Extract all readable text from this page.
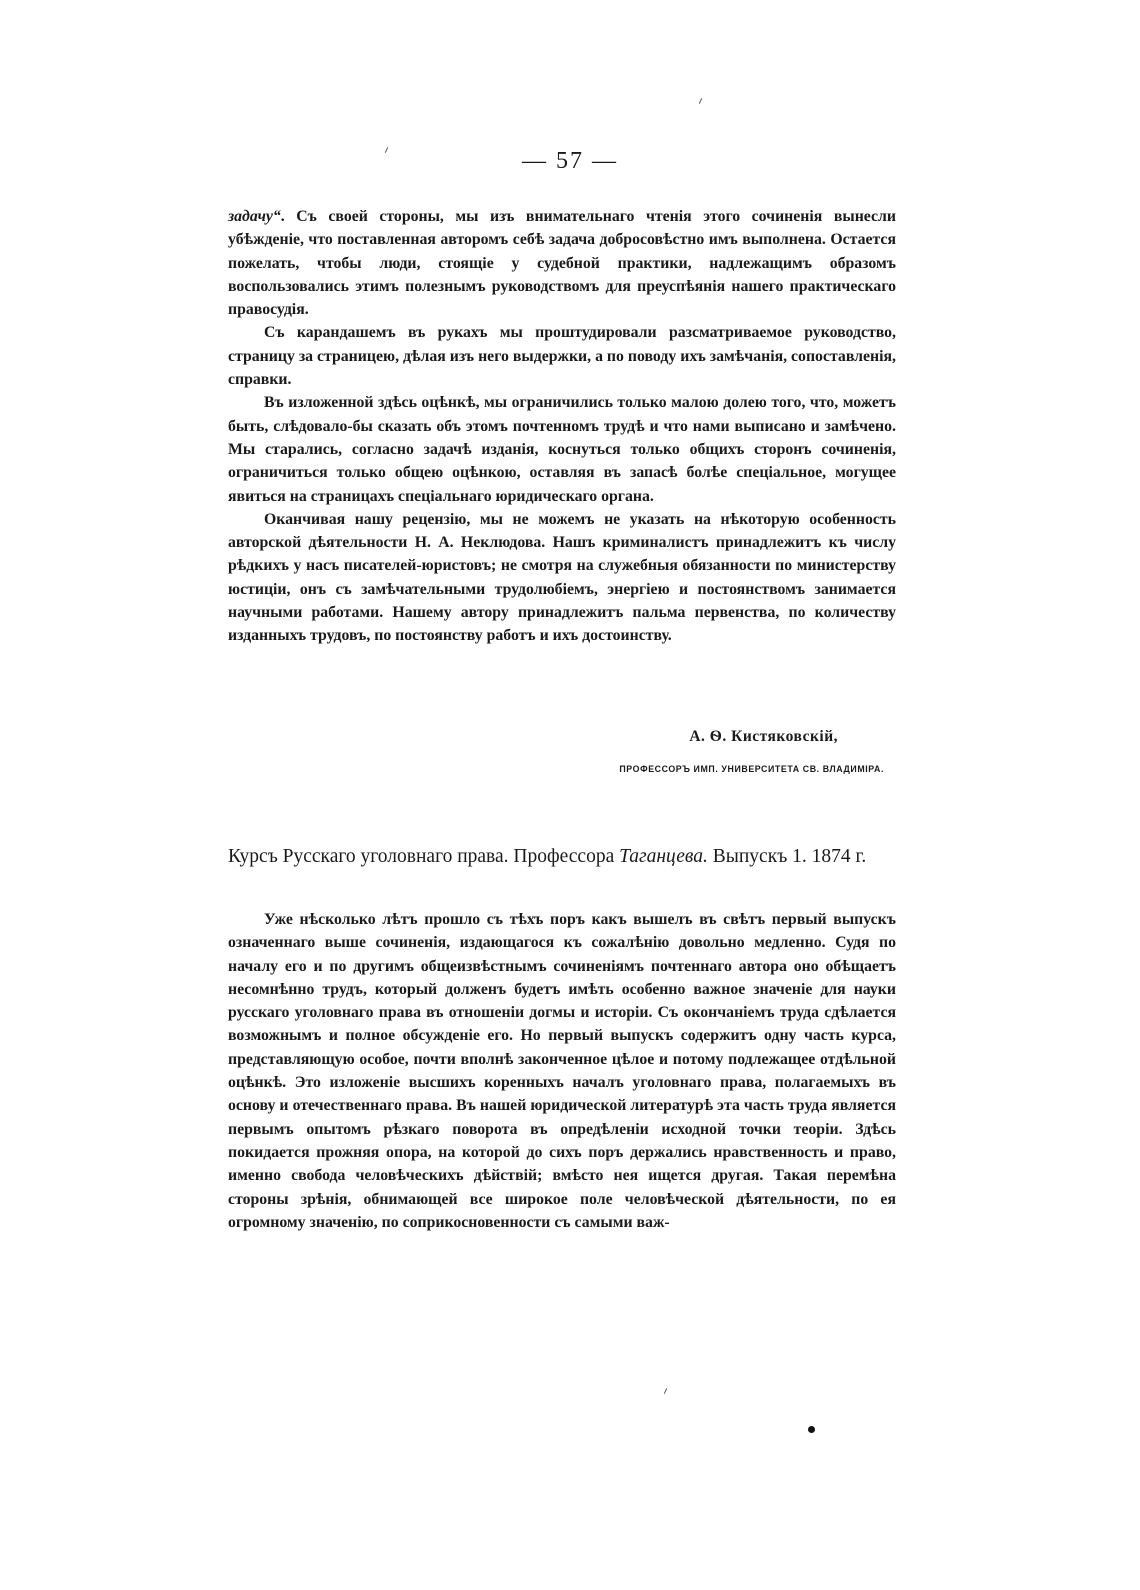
— 57 —

задачу“. Съ своей стороны, мы изъ внимательнаго чтенія этого сочиненія вынесли убѣжденіе, что поставленная авторомъ себѣ задача добросовѣстно имъ выполнена. Остается пожелать, чтобы люди, стоящіе у судебной практики, надлежащимъ образомъ воспользовались этимъ полезнымъ руководствомъ для преуспѣянія нашего практическаго правосудія.

Съ карандашемъ въ рукахъ мы проштудировали разсматриваемое руководство, страницу за страницею, дѣлая изъ него выдержки, а по поводу ихъ замѣчанія, сопоставленія, справки.

Въ изложенной здѣсь оцѣнкѣ, мы ограничились только малою долею того, что, можетъ быть, слѣдовало-бы сказать объ этомъ почтенномъ трудѣ и что нами выписано и замѣчено. Мы старались, согласно задачѣ изданія, коснуться только общихъ сторонъ сочиненія, ограничиться только общею оцѣнкою, оставляя въ запасѣ болѣе спеціальное, могущее явиться на страницахъ спеціальнаго юридическаго органа.

Оканчивая нашу рецензію, мы не можемъ не указать на нѣкоторую особенность авторской дѣятельности Н. А. Неклюдова. Нашъ криминалистъ принадлежитъ къ числу рѣдкихъ у насъ писателей-юристовъ; не смотря на служебныя обязанности по министерству юстиціи, онъ съ замѣчательными трудолюбіемъ, энергіею и постоянствомъ занимается научными работами. Нашему автору принадлежитъ пальма первенства, по количеству изданныхъ трудовъ, по постоянству работъ и ихъ достоинству.

А. Ѳ. Кистяковскій,
ПРОФЕССОРЪ ИМП. УНИВЕРСИТЕТА СВ. ВЛАДИМІРА.
Курсъ Русскаго уголовнаго права. Профессора Таганцева. Выпускъ 1. 1874 г.

Уже нѣсколько лѣтъ прошло съ тѣхъ поръ какъ вышелъ въ свѣтъ первый выпускъ означеннаго выше сочиненія, издающагося къ сожалѣнію довольно медленно. Судя по началу его и по другимъ общеизвѣстнымъ сочиненіямъ почтеннаго автора оно обѣщаетъ несомнѣнно трудъ, который долженъ будетъ имѣть особенно важное значеніе для науки русскаго уголовнаго права въ отношеніи догмы и исторіи. Съ окончаніемъ труда сдѣлается возможнымъ и полное обсужденіе его. Но первый выпускъ содержитъ одну часть курса, представляющую особое, почти вполнѣ законченное цѣлое и потому подлежащее отдѣльной оцѣнкѣ. Это изложеніе высшихъ коренныхъ началъ уголовнаго права, полагаемыхъ въ основу и отечественнаго права. Въ нашей юридической литературѣ эта часть труда является первымъ опытомъ рѣзкаго поворота въ опредѣленіи исходной точки теоріи. Здѣсь покидается прожняя опора, на которой до сихъ поръ держались нравственность и право, именно свобода человѣческихъ дѣйствій; вмѣсто нея ищется другая. Такая перемѣна стороны зрѣнія, обнимающей все широкое поле человѣческой дѣятельности, по ея огромному значенію, по соприкосновенности съ самыми важ-
